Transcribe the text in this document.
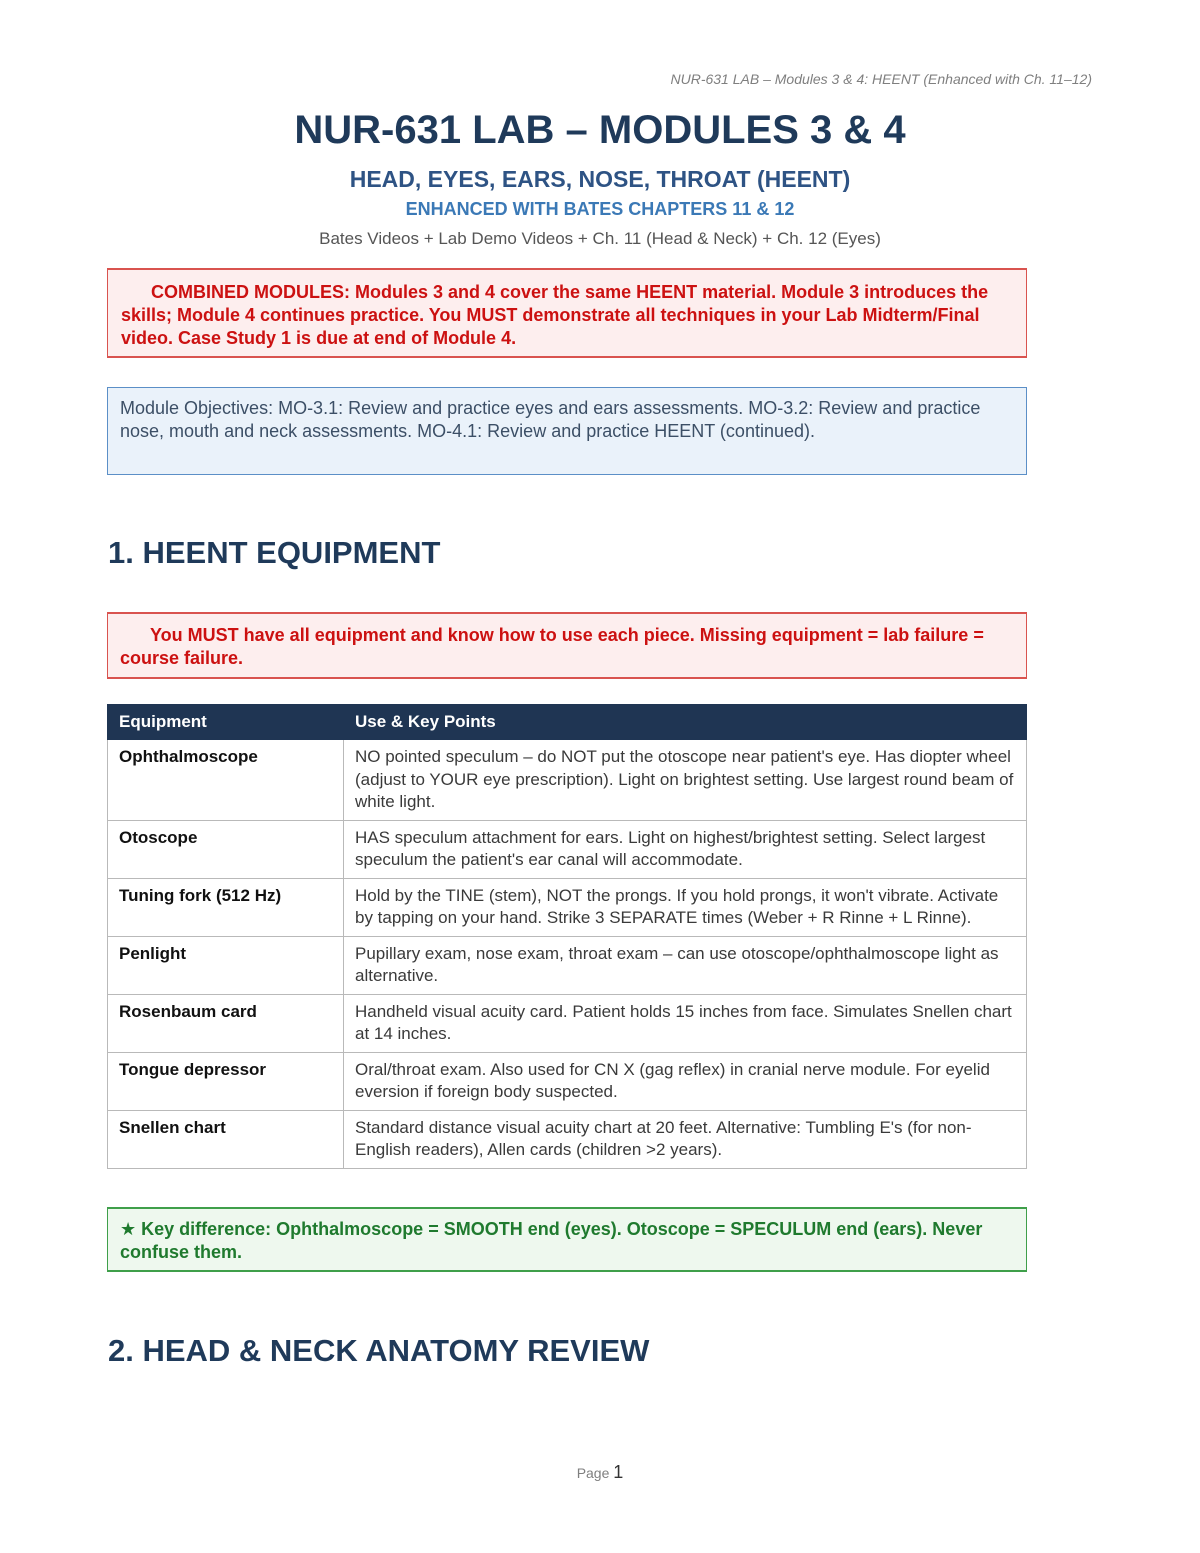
NUR-631 LAB – Modules 3 & 4: HEENT (Enhanced with Ch. 11–12)
NUR-631 LAB – MODULES 3 & 4
HEAD, EYES, EARS, NOSE, THROAT (HEENT)
ENHANCED WITH BATES CHAPTERS 11 & 12
Bates Videos + Lab Demo Videos + Ch. 11 (Head & Neck) + Ch. 12 (Eyes)

COMBINED MODULES: Modules 3 and 4 cover the same HEENT material. Module 3 introduces the skills; Module 4 continues practice. You MUST demonstrate all techniques in your Lab Midterm/Final video. Case Study 1 is due at end of Module 4.

Module Objectives: MO-3.1: Review and practice eyes and ears assessments. MO-3.2: Review and practice nose, mouth and neck assessments. MO-4.1: Review and practice HEENT (continued).

1. HEENT EQUIPMENT

You MUST have all equipment and know how to use each piece. Missing equipment = lab failure = course failure.

Equipment	Use & Key Points
Ophthalmoscope	NO pointed speculum – do NOT put the otoscope near patient's eye. Has diopter wheel (adjust to YOUR eye prescription). Light on brightest setting. Use largest round beam of white light.
Otoscope	HAS speculum attachment for ears. Light on highest/brightest setting. Select largest speculum the patient's ear canal will accommodate.
Tuning fork (512 Hz)	Hold by the TINE (stem), NOT the prongs. If you hold prongs, it won't vibrate. Activate by tapping on your hand. Strike 3 SEPARATE times (Weber + R Rinne + L Rinne).
Penlight	Pupillary exam, nose exam, throat exam – can use otoscope/ophthalmoscope light as alternative.
Rosenbaum card	Handheld visual acuity card. Patient holds 15 inches from face. Simulates Snellen chart at 14 inches.
Tongue depressor	Oral/throat exam. Also used for CN X (gag reflex) in cranial nerve module. For eyelid eversion if foreign body suspected.
Snellen chart	Standard distance visual acuity chart at 20 feet. Alternative: Tumbling E's (for non-English readers), Allen cards (children >2 years).

★ Key difference: Ophthalmoscope = SMOOTH end (eyes). Otoscope = SPECULUM end (ears). Never confuse them.

2. HEAD & NECK ANATOMY REVIEW
Page 1
